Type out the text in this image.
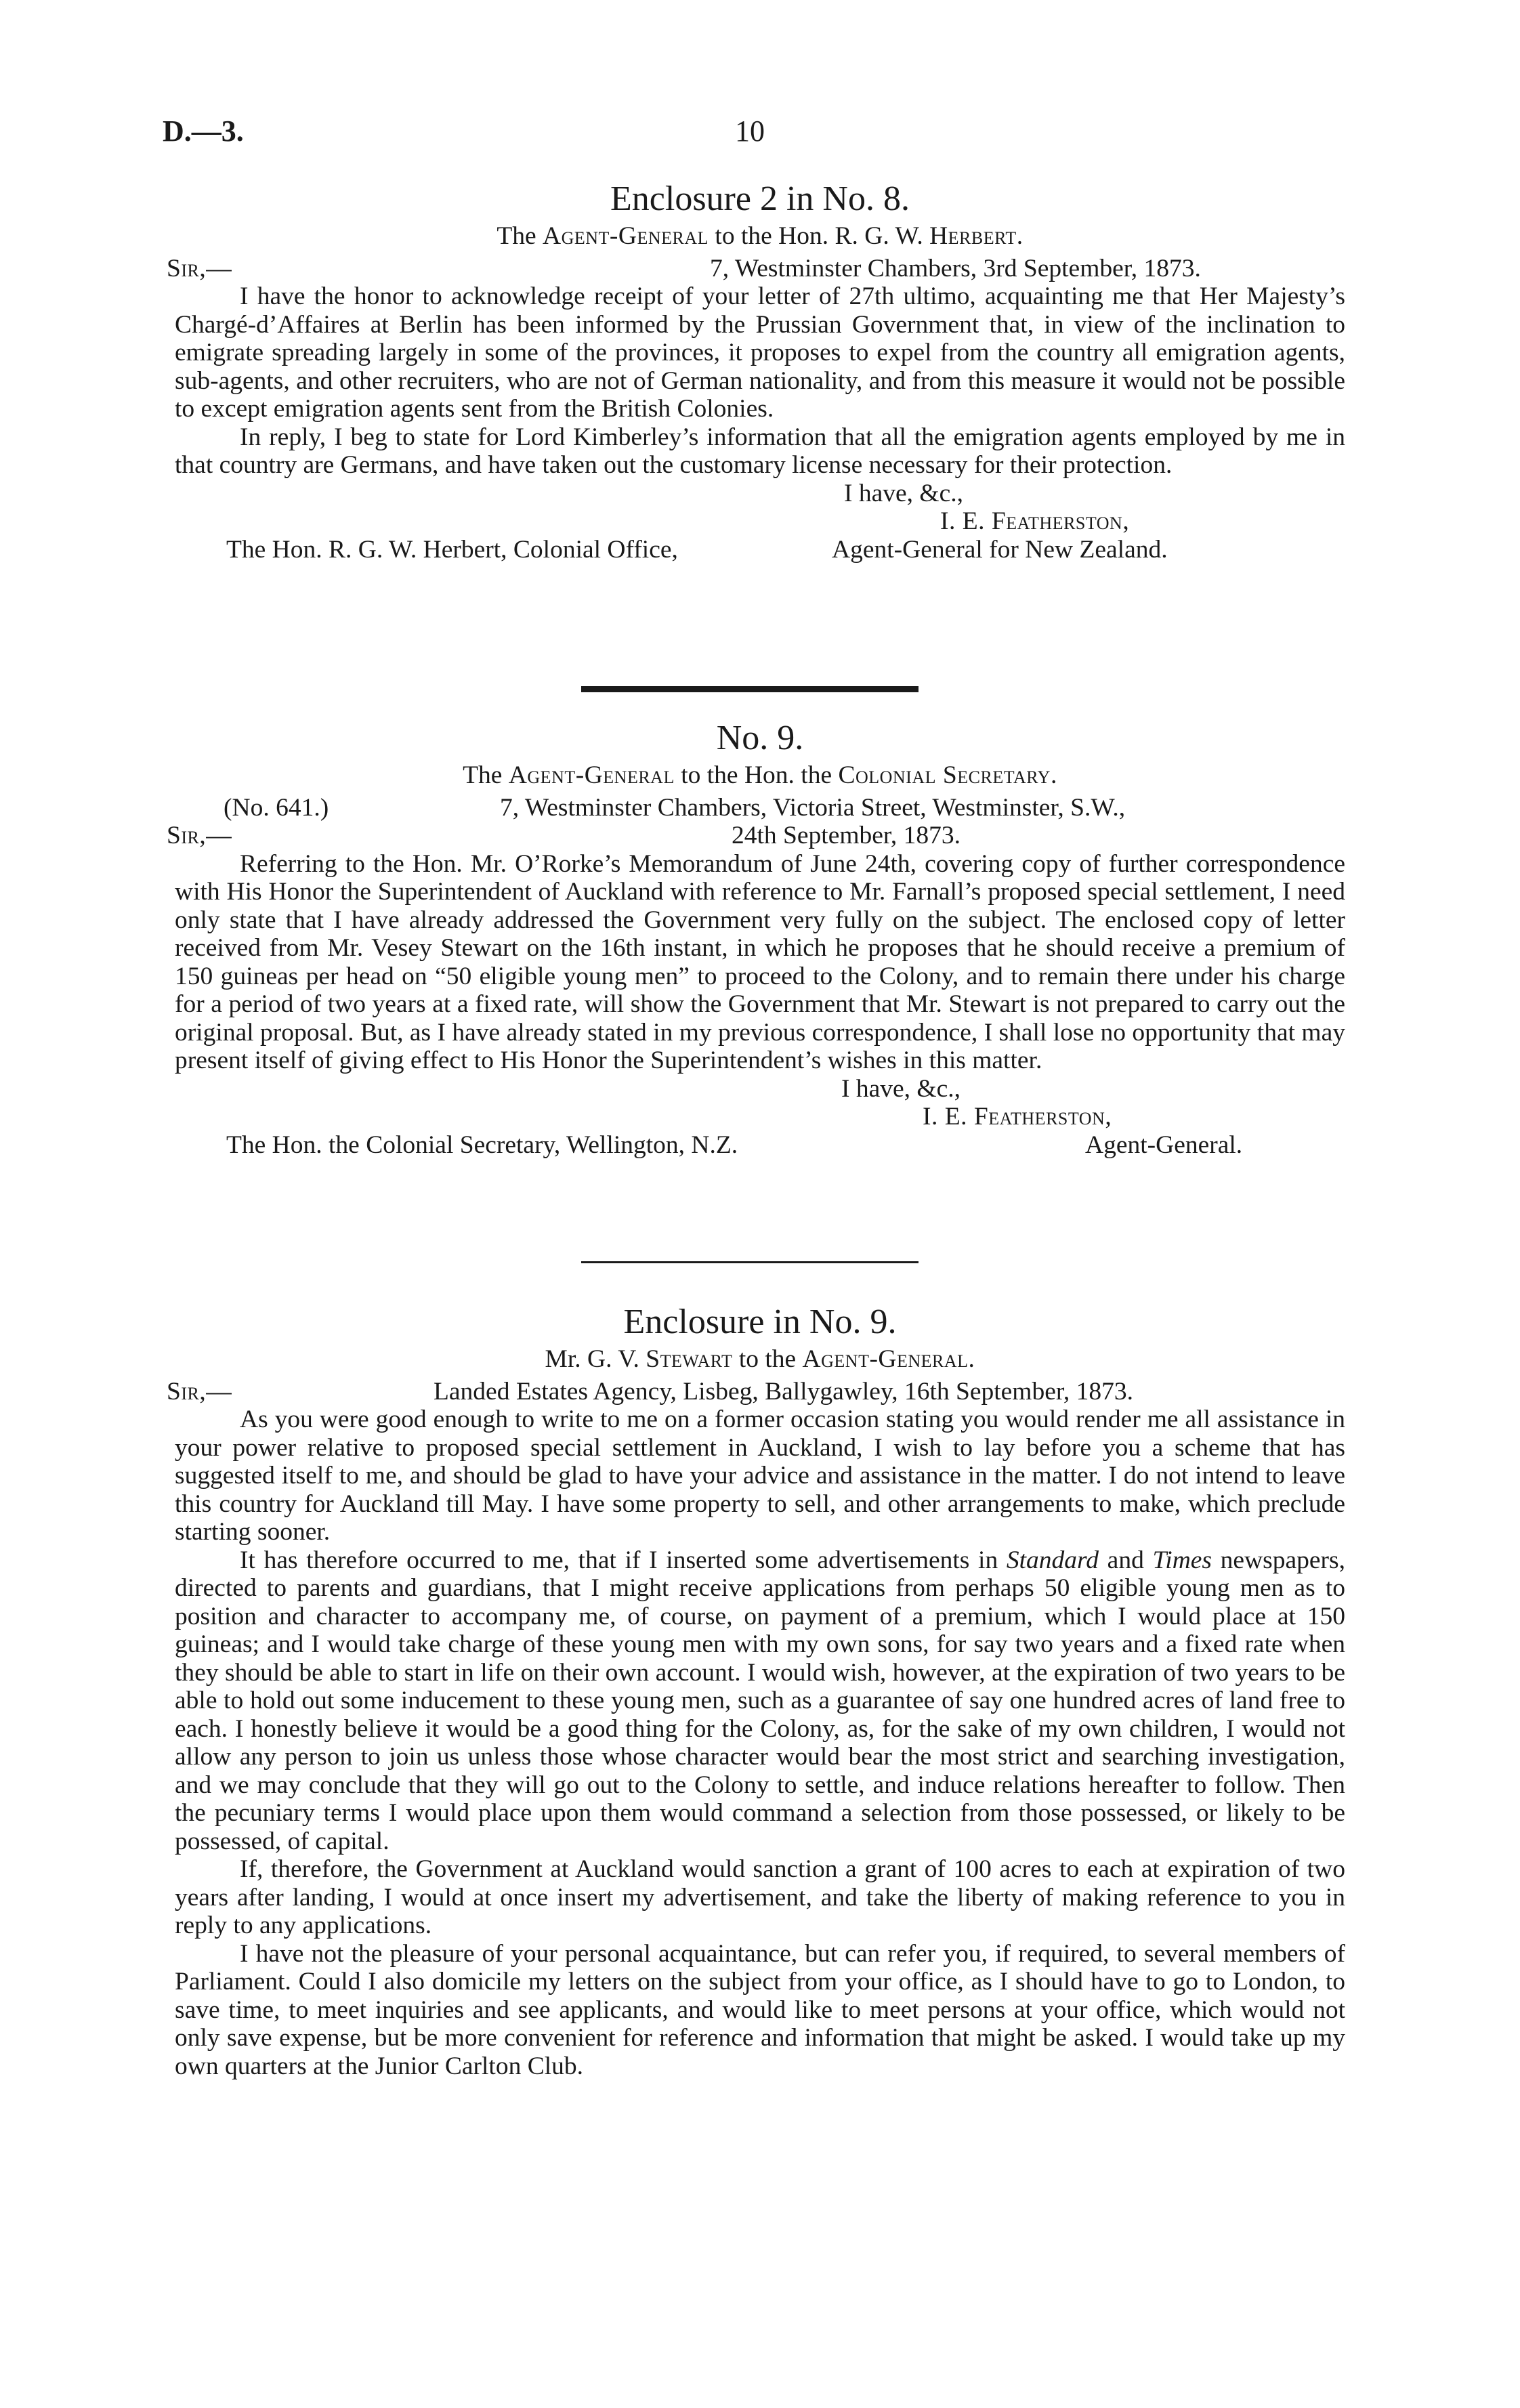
D.—3.	10
Enclosure 2 in No. 8.
The Agent-General to the Hon. R. G. W. Herbert.
Sir,—	7, Westminster Chambers, 3rd September, 1873.

I have the honor to acknowledge receipt of your letter of 27th ultimo, acquainting me that Her Majesty’s Chargé-d’Affaires at Berlin has been informed by the Prussian Government that, in view of the inclination to emigrate spreading largely in some of the provinces, it proposes to expel from the country all emigration agents, sub-agents, and other recruiters, who are not of German nationality, and from this measure it would not be possible to except emigration agents sent from the British Colonies.

In reply, I beg to state for Lord Kimberley’s information that all the emigration agents employed by me in that country are Germans, and have taken out the customary license necessary for their protection.

I have, &c.,
I. E. Featherston,
The Hon. R. G. W. Herbert, Colonial Office,	Agent-General for New Zealand.
No. 9.
The Agent-General to the Hon. the Colonial Secretary.
(No. 641.)	7, Westminster Chambers, Victoria Street, Westminster, S.W.,
Sir,—	24th September, 1873.

Referring to the Hon. Mr. O’Rorke’s Memorandum of June 24th, covering copy of further correspondence with His Honor the Superintendent of Auckland with reference to Mr. Farnall’s proposed special settlement, I need only state that I have already addressed the Government very fully on the subject. The enclosed copy of letter received from Mr. Vesey Stewart on the 16th instant, in which he proposes that he should receive a premium of 150 guineas per head on “50 eligible young men” to proceed to the Colony, and to remain there under his charge for a period of two years at a fixed rate, will show the Government that Mr. Stewart is not prepared to carry out the original proposal. But, as I have already stated in my previous correspondence, I shall lose no opportunity that may present itself of giving effect to His Honor the Superintendent’s wishes in this matter.

I have, &c.,
I. E. Featherston,
The Hon. the Colonial Secretary, Wellington, N.Z.	Agent-General.
Enclosure in No. 9.
Mr. G. V. Stewart to the Agent-General.
Sir,—	Landed Estates Agency, Lisbeg, Ballygawley, 16th September, 1873.

As you were good enough to write to me on a former occasion stating you would render me all assistance in your power relative to proposed special settlement in Auckland, I wish to lay before you a scheme that has suggested itself to me, and should be glad to have your advice and assistance in the matter. I do not intend to leave this country for Auckland till May. I have some property to sell, and other arrangements to make, which preclude starting sooner.

It has therefore occurred to me, that if I inserted some advertisements in Standard and Times newspapers, directed to parents and guardians, that I might receive applications from perhaps 50 eligible young men as to position and character to accompany me, of course, on payment of a premium, which I would place at 150 guineas; and I would take charge of these young men with my own sons, for say two years and a fixed rate when they should be able to start in life on their own account. I would wish, however, at the expiration of two years to be able to hold out some inducement to these young men, such as a guarantee of say one hundred acres of land free to each. I honestly believe it would be a good thing for the Colony, as, for the sake of my own children, I would not allow any person to join us unless those whose character would bear the most strict and searching investigation, and we may conclude that they will go out to the Colony to settle, and induce relations hereafter to follow. Then the pecuniary terms I would place upon them would command a selection from those possessed, or likely to be possessed, of capital.

If, therefore, the Government at Auckland would sanction a grant of 100 acres to each at expiration of two years after landing, I would at once insert my advertisement, and take the liberty of making reference to you in reply to any applications.

I have not the pleasure of your personal acquaintance, but can refer you, if required, to several members of Parliament. Could I also domicile my letters on the subject from your office, as I should have to go to London, to save time, to meet inquiries and see applicants, and would like to meet persons at your office, which would not only save expense, but be more convenient for reference and information that might be asked. I would take up my own quarters at the Junior Carlton Club.
